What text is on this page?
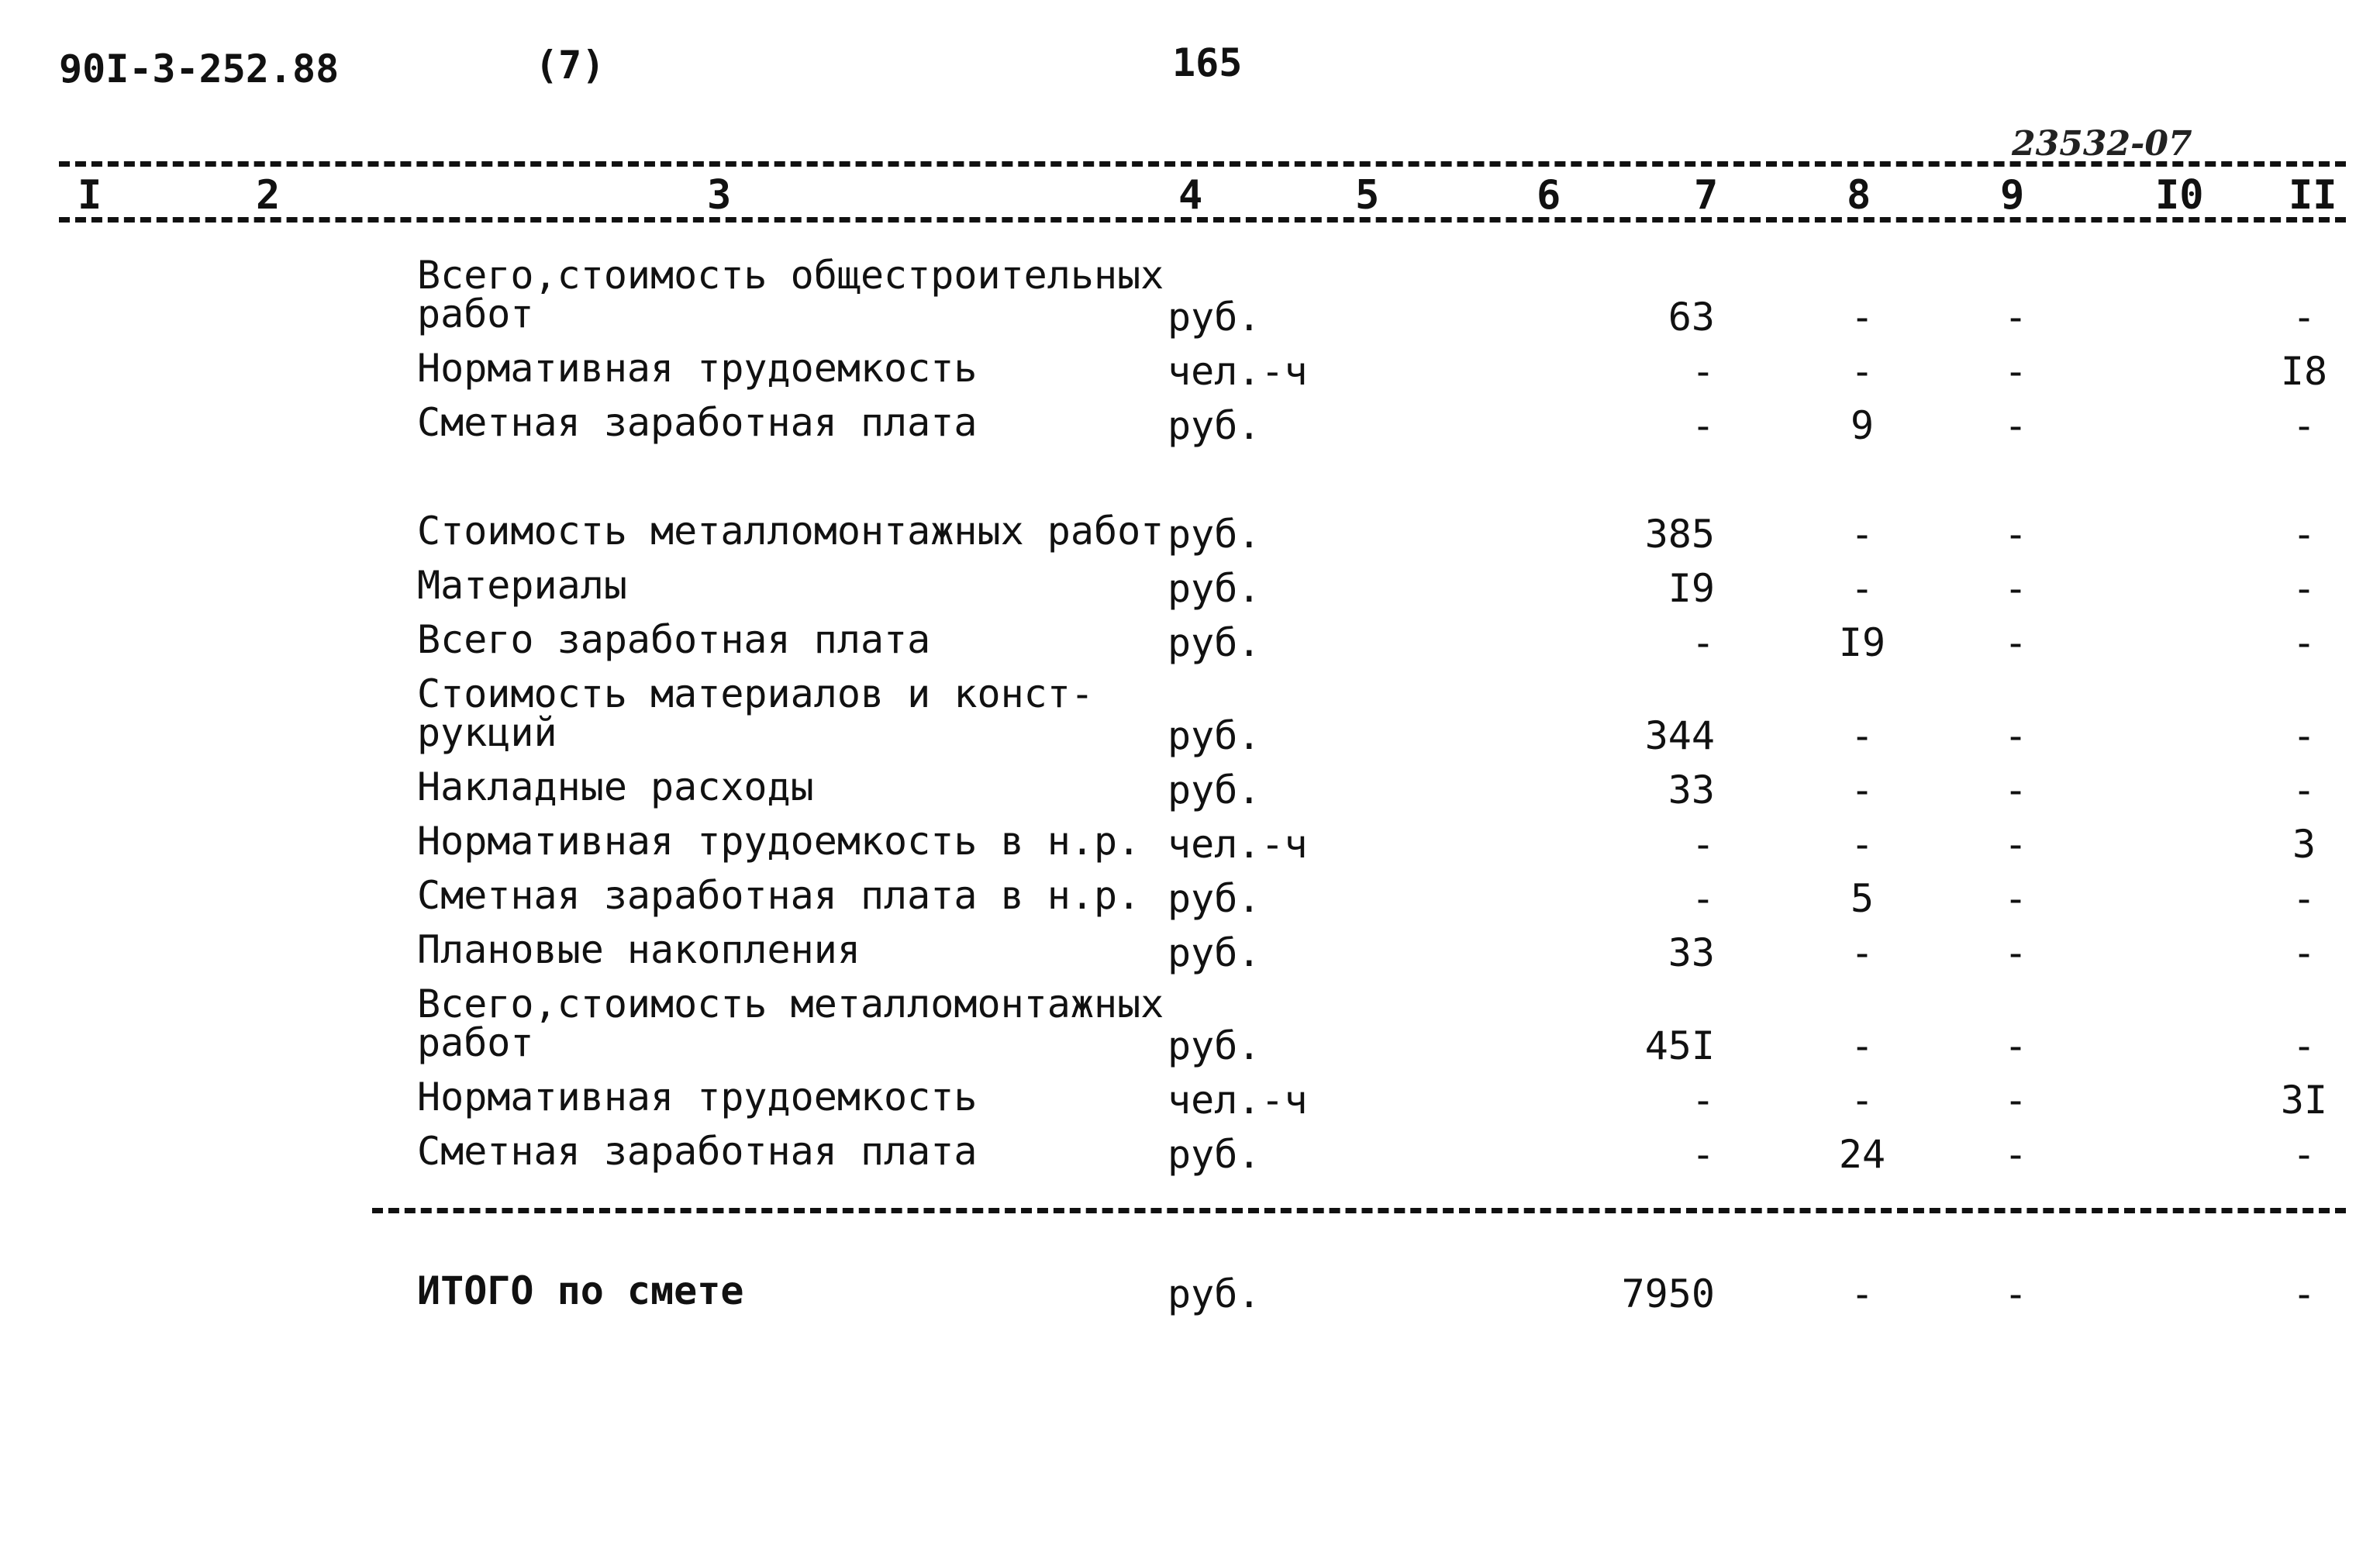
90I-3-252.88	(7)	165
23532-07
I	2	3	4	5	6	7	8	9	I0 II
Всего,стоимость общестроительных
работ	руб.	63	-	-	-
Нормативная трудоемкость	чел.-ч	-	-	-	I8
Сметная заработная плата	руб.	-	9	-	-
Стоимость металломонтажных работ руб.	385	-	-	-
Материалы	руб.	I9	-	-	-
Всего заработная плата	руб.	-	I9	-	-
Стоимость материалов и конст-
рукций	руб.	344	-	-	-
Накладные расходы	руб.	33	-	-	-
Нормативная трудоемкость в н.р. чел.-ч	-	-	-	3
Сметная заработная плата в н.р. руб.	-	5	-	-
Плановые накопления	руб.	33	-	-	-
Всего,стоимость металломонтажных
работ	руб.	45I	-	-	-
Нормативная трудоемкость	чел.-ч	-	-	-	3I
Сметная заработная плата	руб.	-	24	-	-
ИТОГО по смете	руб.	7950	-	-	-
